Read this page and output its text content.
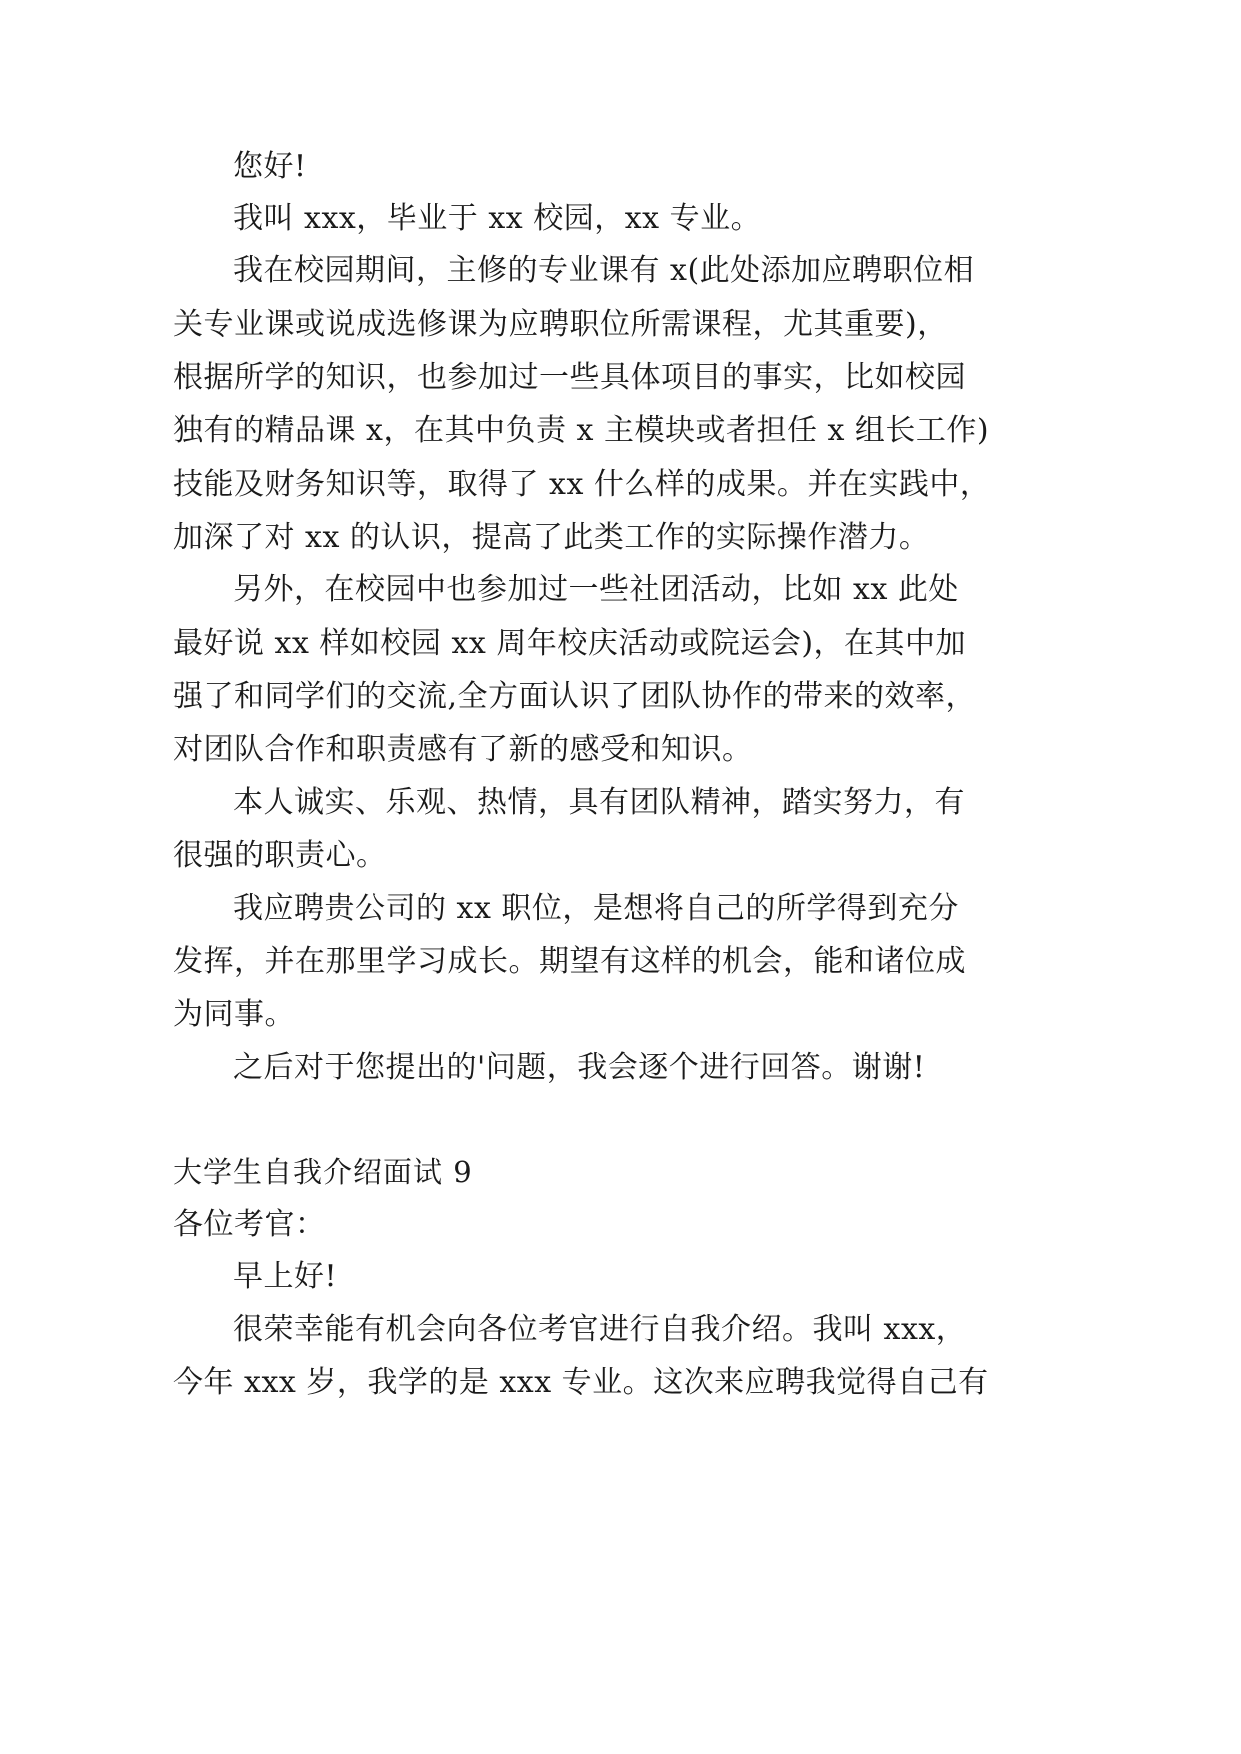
您好!

我叫 xxx，毕业于 xx 校园，xx 专业。

我在校园期间，主修的专业课有 x(此处添加应聘职位相

关专业课或说成选修课为应聘职位所需课程，尤其重要)，

根据所学的知识，也参加过一些具体项目的事实，比如校园

独有的精品课 x，在其中负责 x 主模块或者担任 x 组长工作)

技能及财务知识等，取得了 xx 什么样的成果。并在实践中，

加深了对 xx 的认识，提高了此类工作的实际操作潜力。

另外，在校园中也参加过一些社团活动，比如 xx 此处

最好说 xx 样如校园 xx 周年校庆活动或院运会)，在其中加

强了和同学们的交流,全方面认识了团队协作的带来的效率，

对团队合作和职责感有了新的感受和知识。

本人诚实、乐观、热情，具有团队精神，踏实努力，有

很强的职责心。

我应聘贵公司的 xx 职位，是想将自己的所学得到充分

发挥，并在那里学习成长。期望有这样的机会，能和诸位成

为同事。

之后对于您提出的'问题，我会逐个进行回答。谢谢!

大学生自我介绍面试 9

各位考官：

早上好!

很荣幸能有机会向各位考官进行自我介绍。我叫 xxx，

今年 xxx 岁，我学的是 xxx 专业。这次来应聘我觉得自己有
